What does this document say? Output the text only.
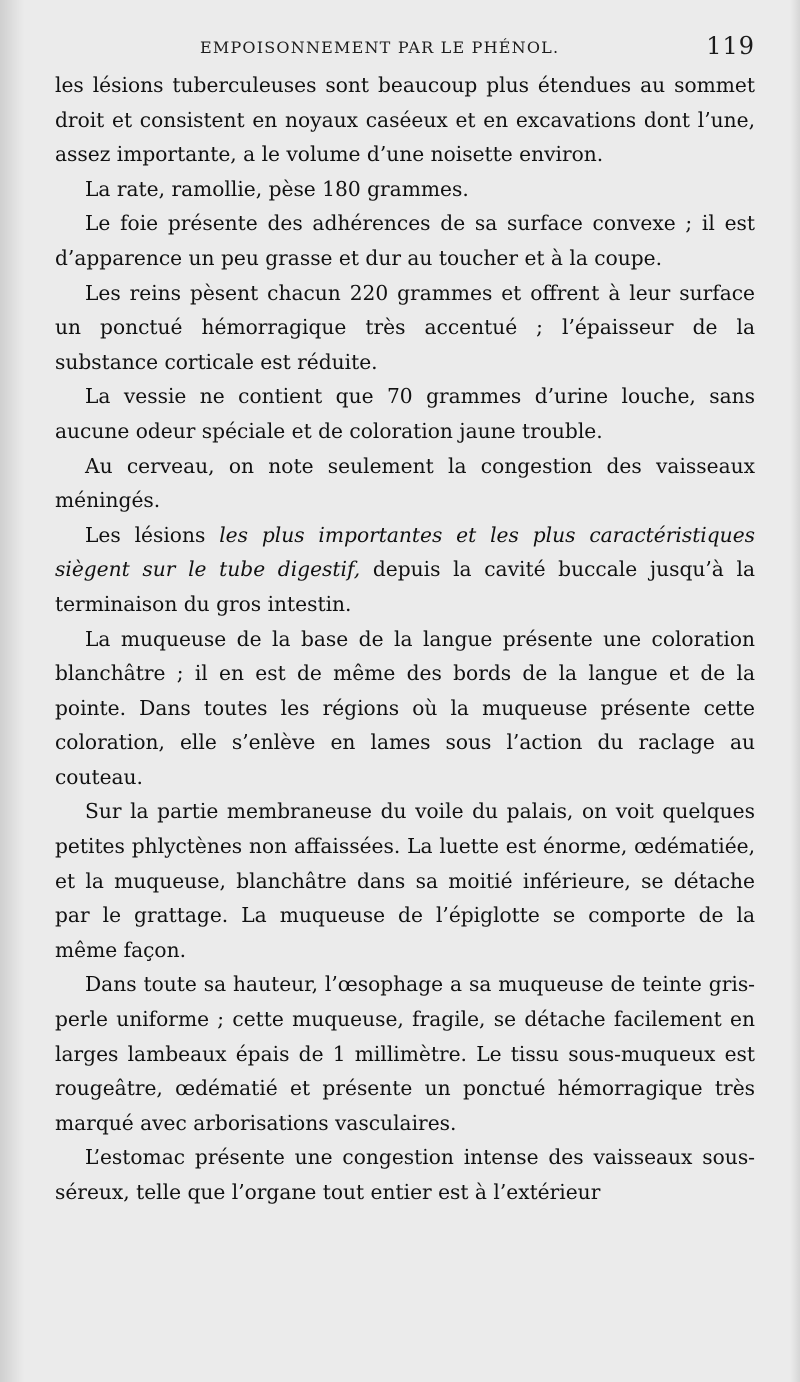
EMPOISONNEMENT PAR LE PHÉNOL.	119

les lésions tuberculeuses sont beaucoup plus étendues au sommet droit et consistent en noyaux caséeux et en excavations dont l’une, assez importante, a le volume d’une noisette environ.

La rate, ramollie, pèse 180 grammes.

Le foie présente des adhérences de sa surface convexe ; il est d’apparence un peu grasse et dur au toucher et à la coupe.

Les reins pèsent chacun 220 grammes et offrent à leur surface un ponctué hémorragique très accentué ; l’épaisseur de la substance corticale est réduite.

La vessie ne contient que 70 grammes d’urine louche, sans aucune odeur spéciale et de coloration jaune trouble.

Au cerveau, on note seulement la congestion des vaisseaux méningés.

Les lésions les plus importantes et les plus caractéristiques siègent sur le tube digestif, depuis la cavité buccale jusqu’à la terminaison du gros intestin.

La muqueuse de la base de la langue présente une coloration blanchâtre ; il en est de même des bords de la langue et de la pointe. Dans toutes les régions où la muqueuse présente cette coloration, elle s’enlève en lames sous l’action du raclage au couteau.

Sur la partie membraneuse du voile du palais, on voit quelques petites phlyctènes non affaissées. La luette est énorme, œdématiée, et la muqueuse, blanchâtre dans sa moitié inférieure, se détache par le grattage. La muqueuse de l’épiglotte se comporte de la même façon.

Dans toute sa hauteur, l’œsophage a sa muqueuse de teinte gris-perle uniforme ; cette muqueuse, fragile, se détache facilement en larges lambeaux épais de 1 millimètre. Le tissu sous-muqueux est rougeâtre, œdématié et présente un ponctué hémorragique très marqué avec arborisations vasculaires.

L’estomac présente une congestion intense des vaisseaux sous-séreux, telle que l’organe tout entier est à l’extérieur
